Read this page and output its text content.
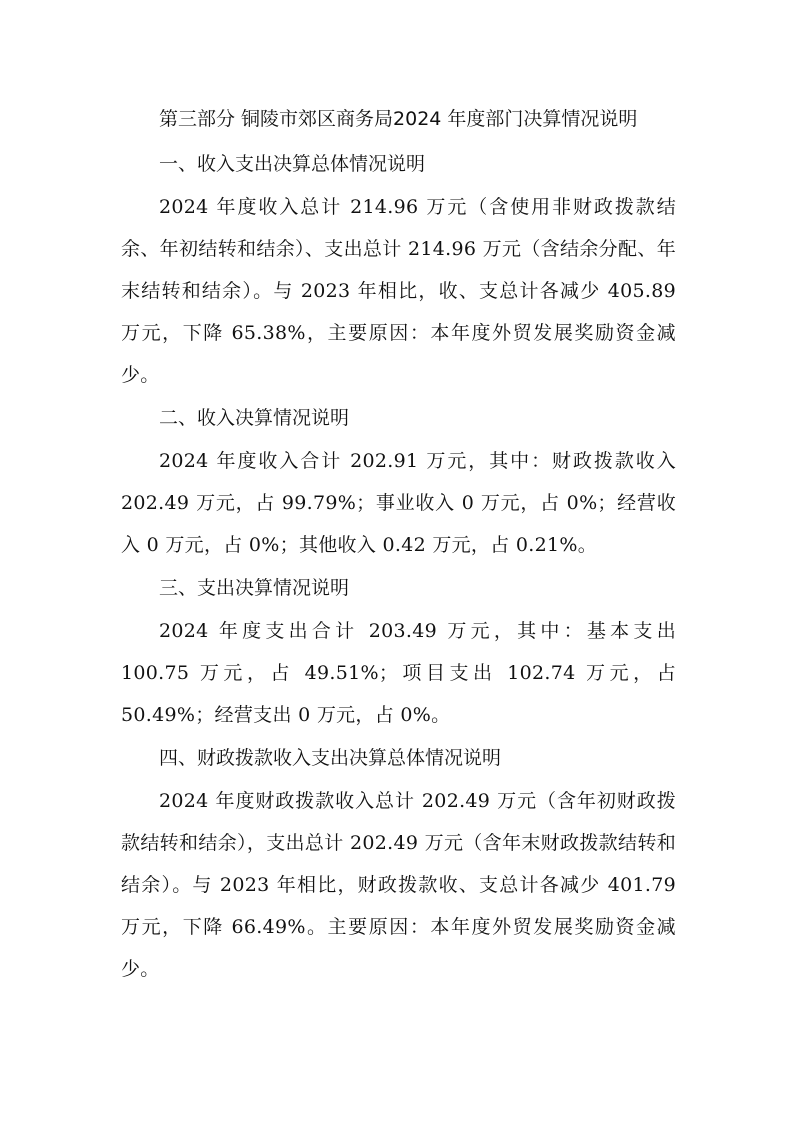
第三部分 铜陵市郊区商务局2024 年度部门决算情况说明
一、收入支出决算总体情况说明

2024 年度收入总计 214.96 万元（含使用非财政拨款结余、年初结转和结余）、支出总计 214.96 万元（含结余分配、年末结转和结余）。与 2023 年相比，收、支总计各减少 405.89 万元，下降 65.38%，主要原因：本年度外贸发展奖励资金减少。

二、收入决算情况说明

2024 年度收入合计 202.91 万元，其中：财政拨款收入 202.49 万元，占 99.79%；事业收入 0 万元，占 0%；经营收入 0 万元，占 0%；其他收入 0.42 万元，占 0.21%。

三、支出决算情况说明

2024 年度支出合计 203.49 万元，其中：基本支出 100.75 万元，占 49.51%；项目支出 102.74 万元，占 50.49%；经营支出 0 万元，占 0%。

四、财政拨款收入支出决算总体情况说明

2024 年度财政拨款收入总计 202.49 万元（含年初财政拨款结转和结余），支出总计 202.49 万元（含年末财政拨款结转和结余）。与 2023 年相比，财政拨款收、支总计各减少 401.79 万元，下降 66.49%。主要原因：本年度外贸发展奖励资金减少。
